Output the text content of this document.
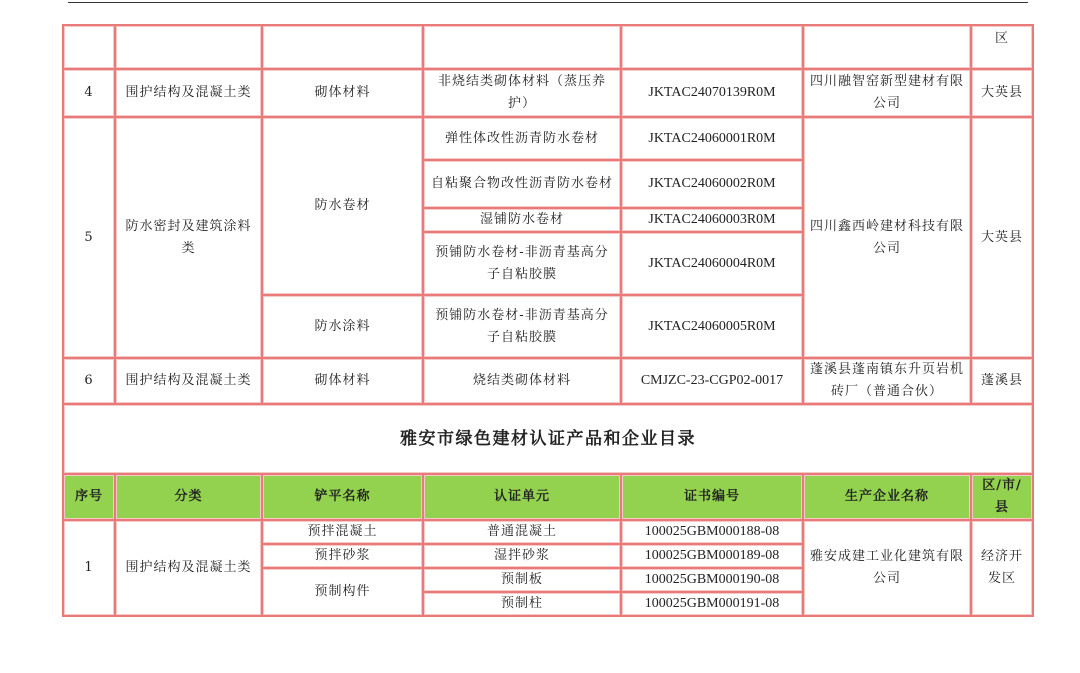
						区
4	围护结构及混凝土类	砌体材料	非烧结类砌体材料（蒸压养护）	JKTAC24070139R0M	四川融智窑新型建材有限公司	大英县
5	防水密封及建筑涂料类	防水卷材	弹性体改性沥青防水卷材	JKTAC24060001R0M	四川鑫西岭建材科技有限公司	大英县
			自粘聚合物改性沥青防水卷材	JKTAC24060002R0M		
			湿铺防水卷材	JKTAC24060003R0M		
			预铺防水卷材-非沥青基高分子自粘胶膜	JKTAC24060004R0M		
		防水涂料	预铺防水卷材-非沥青基高分子自粘胶膜	JKTAC24060005R0M		
6	围护结构及混凝土类	砌体材料	烧结类砌体材料	CMJZC-23-CGP02-0017	蓬溪县蓬南镇东升页岩机砖厂（普通合伙）	蓬溪县
雅安市绿色建材认证产品和企业目录						
序号	分类	铲平名称	认证单元	证书编号	生产企业名称	区/市/县
1	围护结构及混凝土类	预拌混凝土	普通混凝土	100025GBM000188-08	雅安成建工业化建筑有限公司	经济开发区
		预拌砂浆	湿拌砂浆	100025GBM000189-08		
		预制构件	预制板	100025GBM000190-08		
			预制柱	100025GBM000191-08		
